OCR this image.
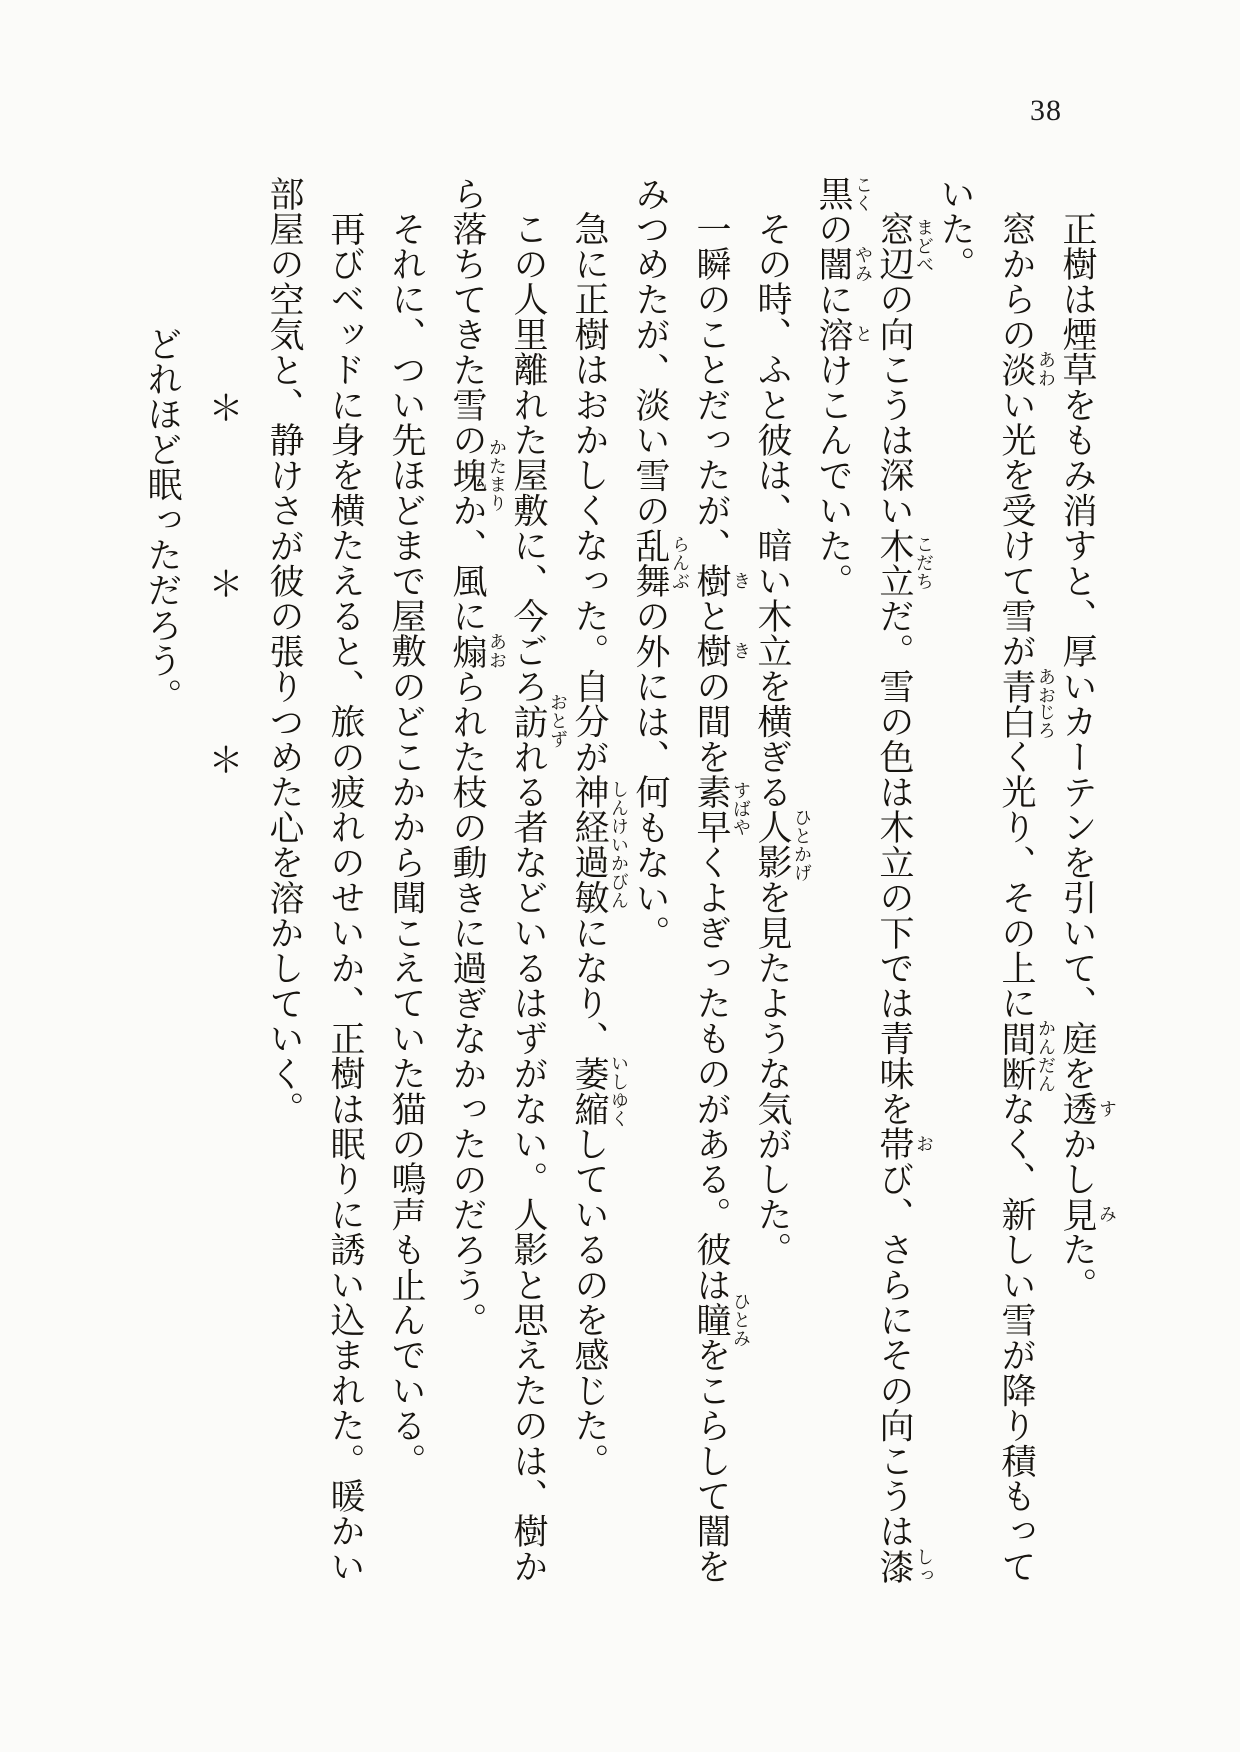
38

正樹は煙草をもみ消すと、厚いカーテンを引いて、庭を透 す
かし見 み
た。

窓からの淡 あわ
い光を受けて雪が青 あお
白 じろ
く光り、その上に間断 かんだん
なく、新しい雪が降り積もっていた。

窓辺 まどべ
の向こうは深い木立 こだち
だ。雪の色は木立の下では青味を帯 お
び、さらにその向こうは漆 しっ
黒 こく
の闇 やみ
に溶 と
けこんでいた。

その時、ふと彼は、暗い木立を横ぎる人影 ひとかげ
を見たような気がした。

一瞬のことだったが、樹 き
と樹 き
の間を素早 すばや
くよぎったものがある。彼は瞳 ひとみ
をこらして闇をみつめたが、淡い雪の乱舞 らんぶ
の外には、何もない。

急に正樹はおかしくなった。自分が神経過敏 しんけいかびん
になり、萎縮 いしゆく
しているのを感じた。

この人里離れた屋敷に、今ごろ訪 おとず
れる者などいるはずがない。人影と思えたのは、樹から落ちてきた雪の塊 かたまり
か、風に煽 あお
られた枝の動きに過ぎなかったのだろう。

それに、つい先ほどまで屋敷のどこかから聞こえていた猫の鳴声も止んでいる。

再びベッドに身を横たえると、旅の疲れのせいか、正樹は眠りに誘い込まれた。暖かい部屋の空気と、静けさが彼の張りつめた心を溶かしていく。

＊　　　　＊　　　　＊

どれほど眠っただろう。
